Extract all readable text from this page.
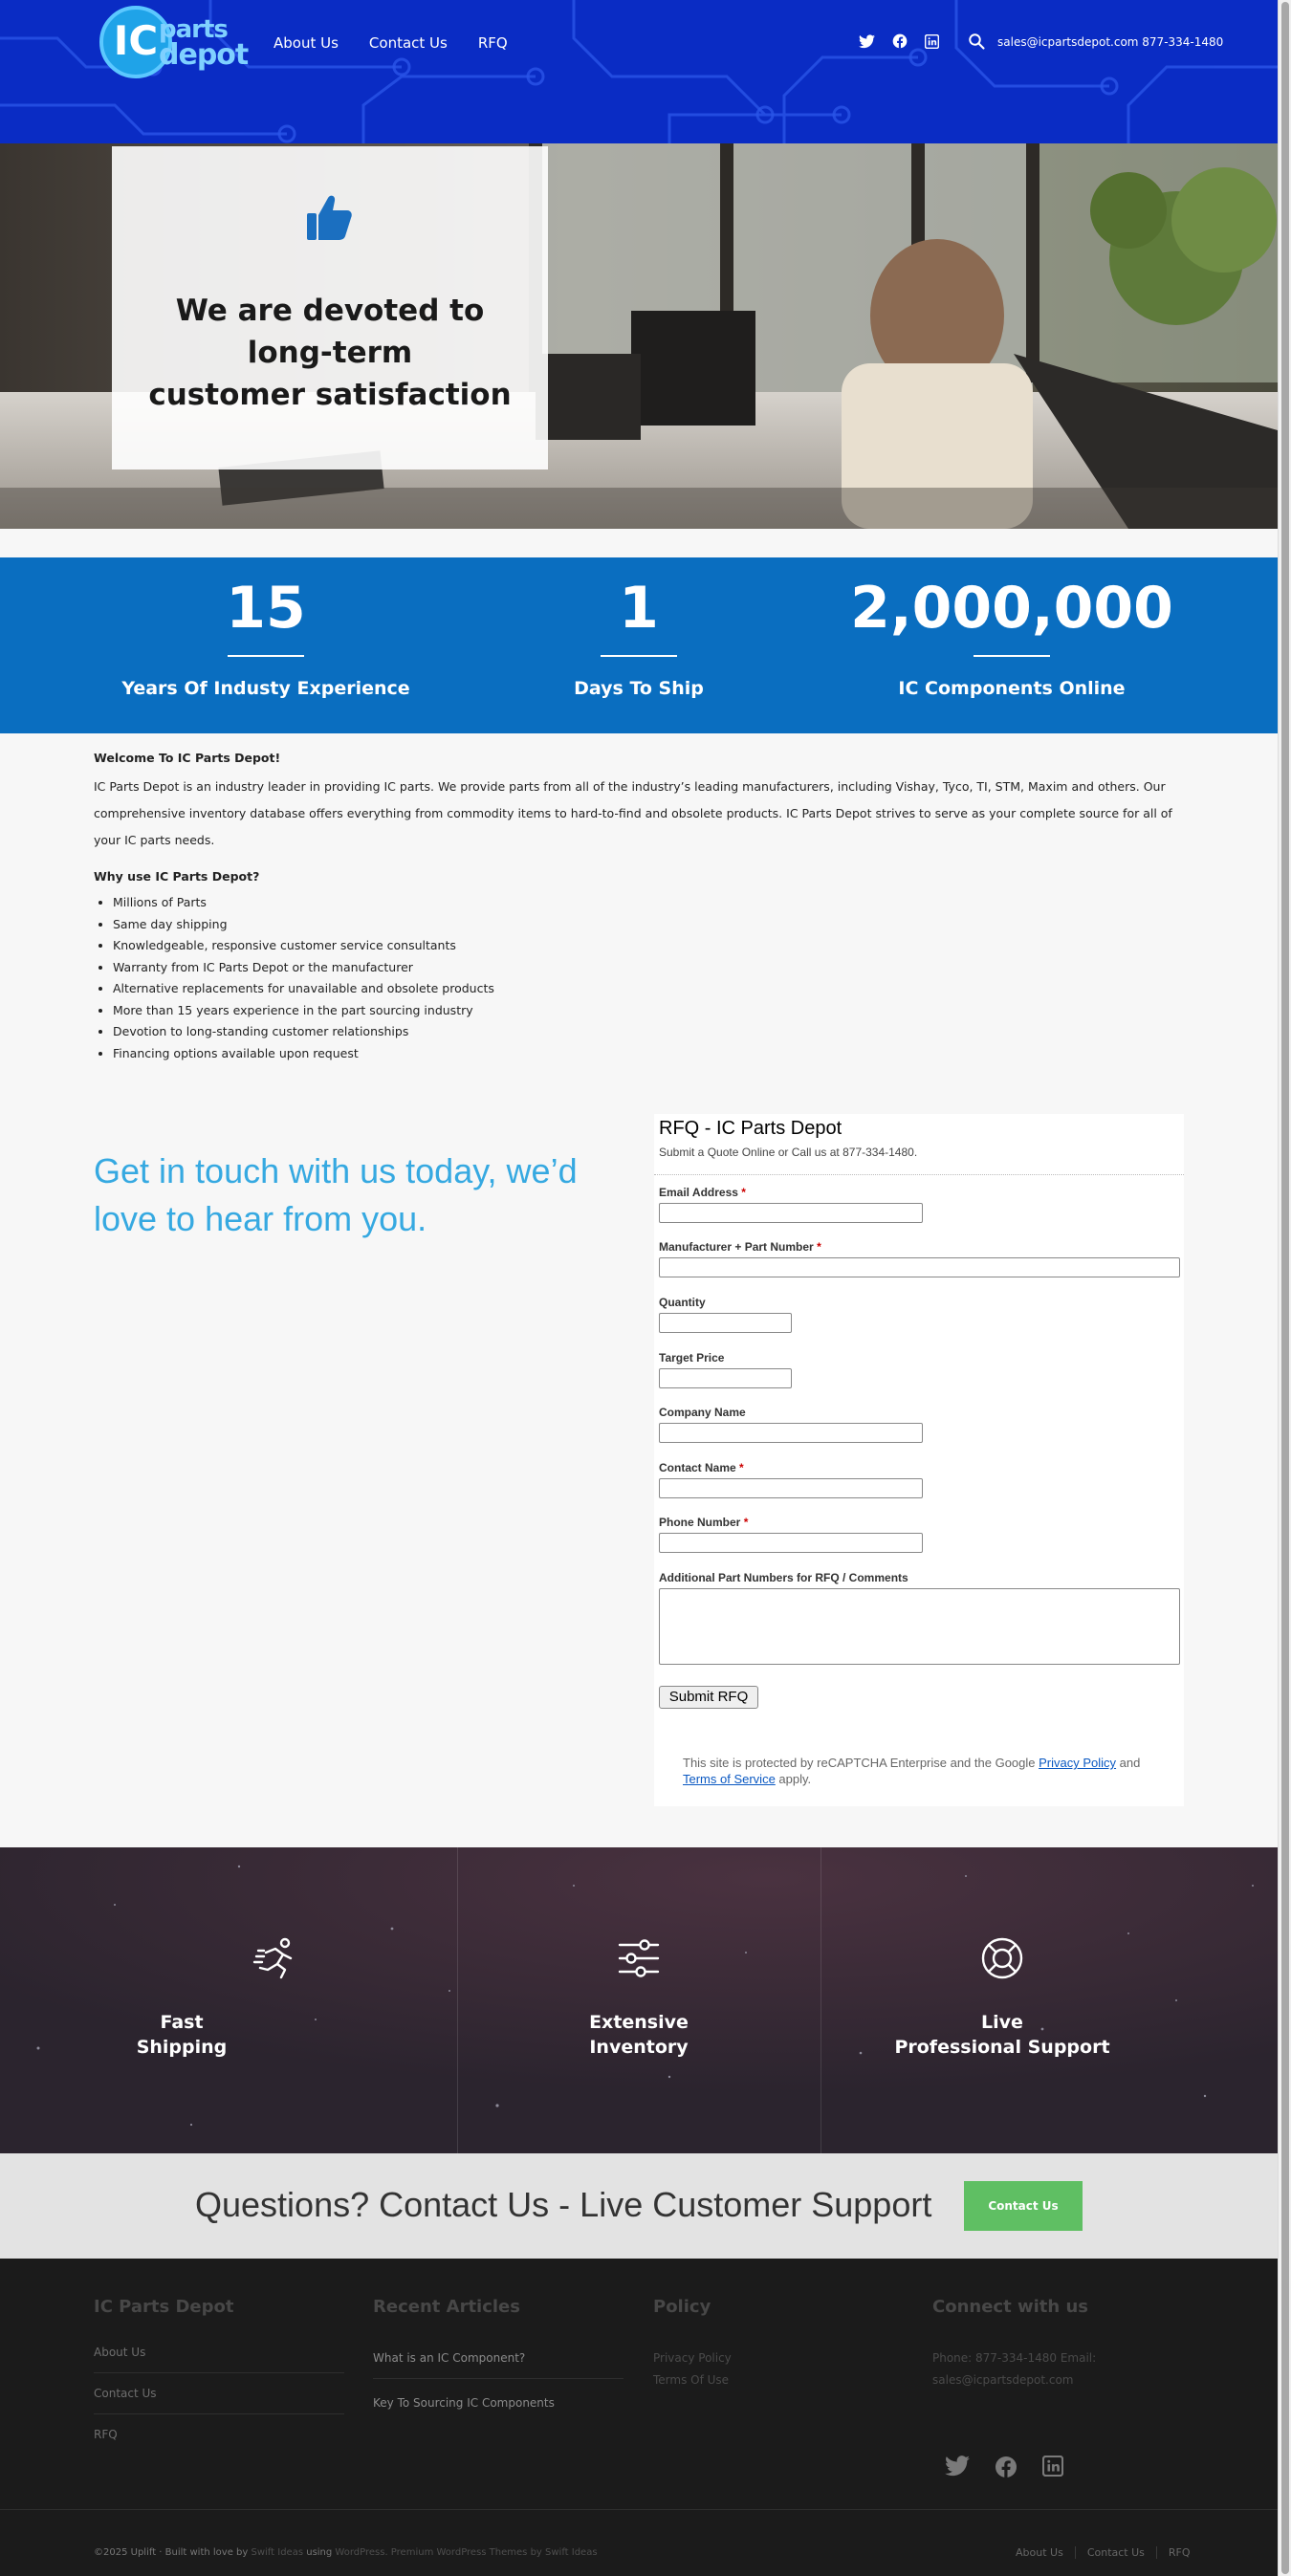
IC parts
depot About Us Contact Us RFQ	sales@icpartsdepot.com 877-334-1480
We are devoted to
long-term
customer satisfaction
15
Years Of Industy Experience
1
Days To Ship
2,000,000
IC Components Online
Welcome To IC Parts Depot!

IC Parts Depot is an industry leader in providing IC parts. We provide parts from all of the industry’s leading manufacturers, including Vishay, Tyco, TI, STM, Maxim and others. Our comprehensive inventory database offers everything from commodity items to hard-to-find and obsolete products. IC Parts Depot strives to serve as your complete source for all of your IC parts needs.

Why use IC Parts Depot?
• Millions of Parts
• Same day shipping
• Knowledgeable, responsive customer service consultants
• Warranty from IC Parts Depot or the manufacturer
• Alternative replacements for unavailable and obsolete products
• More than 15 years experience in the part sourcing industry
• Devotion to long-standing customer relationships
• Financing options available upon request
Get in touch with us today, we’d love to hear from you.
RFQ - IC Parts Depot
Submit a Quote Online or Call us at 877-334-1480.
Email Address *
Manufacturer + Part Number *
Quantity
Target Price
Company Name
Contact Name *
Phone Number *
Additional Part Numbers for RFQ / Comments
Submit RFQ
This site is protected by reCAPTCHA Enterprise and the Google Privacy Policy and Terms of Service apply.
Fast
Shipping
Extensive
Inventory
Live
Professional Support
Questions? Contact Us - Live Customer Support	Contact Us
IC Parts Depot
About Us
Contact Us
RFQ
Recent Articles
What is an IC Component?
Key To Sourcing IC Components
Policy
Privacy Policy
Terms Of Use
Connect with us
Phone: 877-334-1480 Email:
sales@icpartsdepot.com
©2025 Uplift · Built with love by Swift Ideas using WordPress. Premium WordPress Themes by Swift Ideas	About Us	Contact Us	RFQ
